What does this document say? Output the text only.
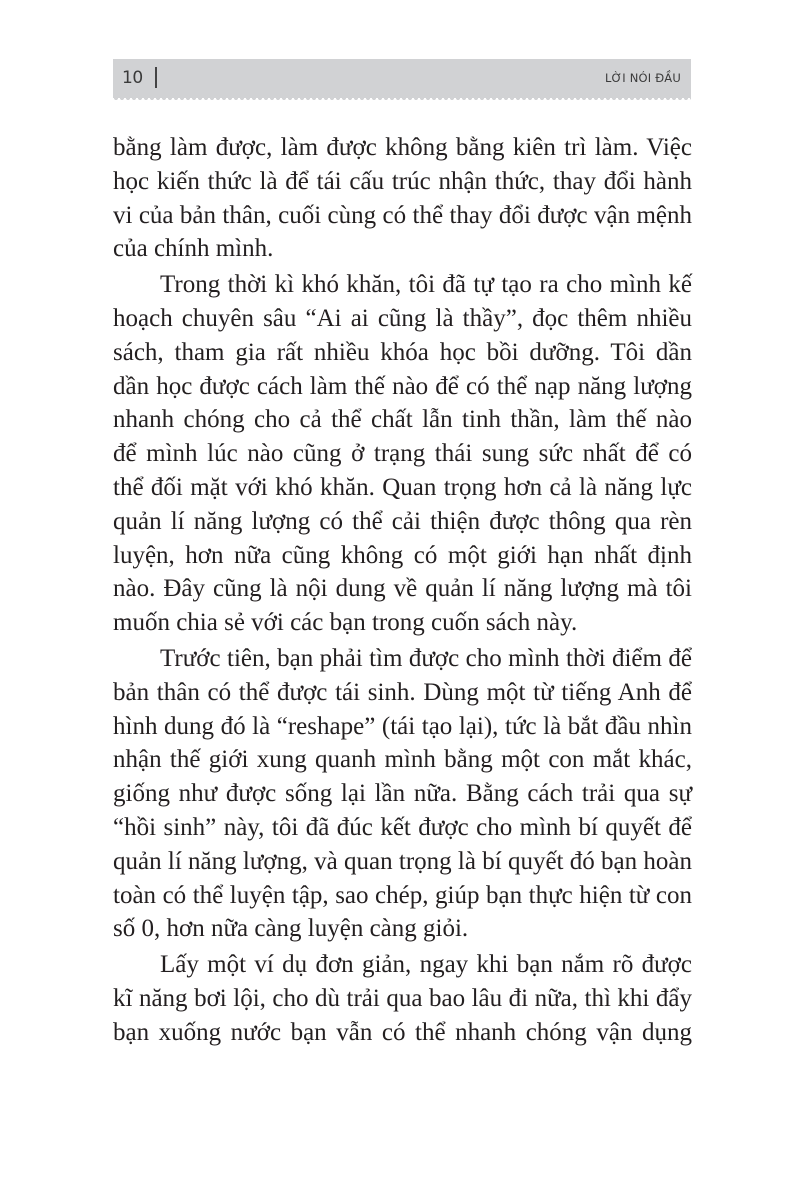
10	LỜI NÓI ĐẦU
bằng làm được, làm được không bằng kiên trì làm. Việc
học kiến thức là để tái cấu trúc nhận thức, thay đổi hành
vi của bản thân, cuối cùng có thể thay đổi được vận mệnh
của chính mình.
Trong thời kì khó khăn, tôi đã tự tạo ra cho mình kế
hoạch chuyên sâu “Ai ai cũng là thầy”, đọc thêm nhiều
sách, tham gia rất nhiều khóa học bồi dưỡng. Tôi dần
dần học được cách làm thế nào để có thể nạp năng lượng
nhanh chóng cho cả thể chất lẫn tinh thần, làm thế nào
để mình lúc nào cũng ở trạng thái sung sức nhất để có
thể đối mặt với khó khăn. Quan trọng hơn cả là năng lực
quản lí năng lượng có thể cải thiện được thông qua rèn
luyện, hơn nữa cũng không có một giới hạn nhất định
nào. Đây cũng là nội dung về quản lí năng lượng mà tôi
muốn chia sẻ với các bạn trong cuốn sách này.
Trước tiên, bạn phải tìm được cho mình thời điểm để
bản thân có thể được tái sinh. Dùng một từ tiếng Anh để
hình dung đó là “reshape” (tái tạo lại), tức là bắt đầu nhìn
nhận thế giới xung quanh mình bằng một con mắt khác,
giống như được sống lại lần nữa. Bằng cách trải qua sự
“hồi sinh” này, tôi đã đúc kết được cho mình bí quyết để
quản lí năng lượng, và quan trọng là bí quyết đó bạn hoàn
toàn có thể luyện tập, sao chép, giúp bạn thực hiện từ con
số 0, hơn nữa càng luyện càng giỏi.
Lấy một ví dụ đơn giản, ngay khi bạn nắm rõ được
kĩ năng bơi lội, cho dù trải qua bao lâu đi nữa, thì khi đẩy
bạn xuống nước bạn vẫn có thể nhanh chóng vận dụng
